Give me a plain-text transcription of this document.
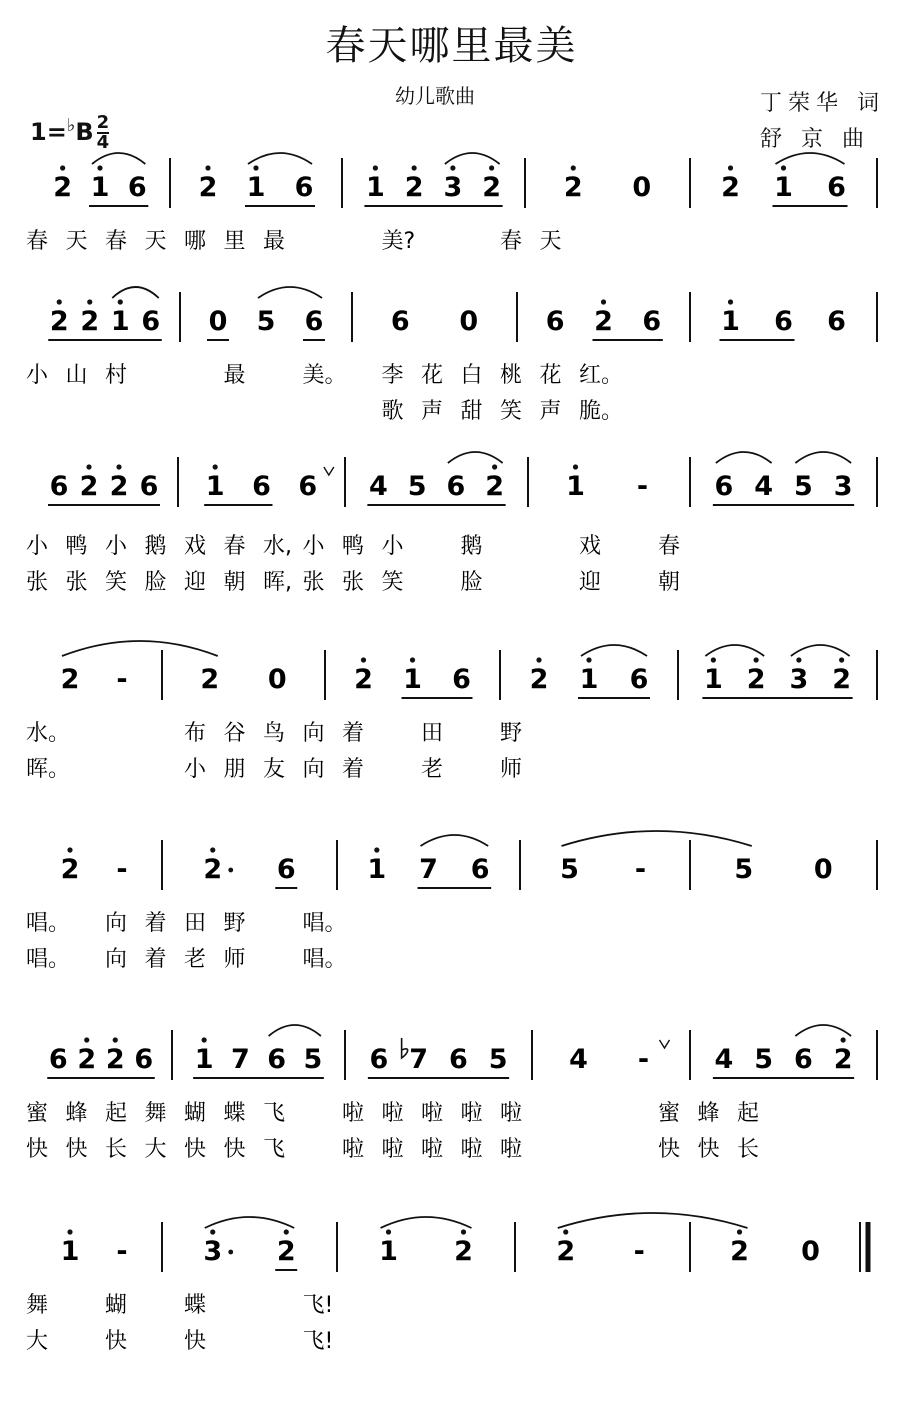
春天哪里最美
幼儿歌曲	丁荣华 词
舒 京 曲
$1=^♭B \frac{2}{4}$
2 1 6 2 1 6 1 2 3 2 2 0	2 1 6
春 天 春 天 哪 里 最	美?	春 天
2 2 1 6 0 5 6 6 0	6 2 6 1 6 6
小 山 村	最	美。 李 花 白 桃 花 红。
歌 声 甜 笑 声 脆。
6 2 2 6 1 6 6 4 5 6 2 1 - 6 4 5 3
小 鸭 小 鹅 戏 春 水, 小 鸭 小	鹅	戏	春
张 张 笑 脸 迎 朝 晖, 张 张 笑	脸	迎	朝
2 -	2 0 2 1 6 2 1 6 1 2 3 2
水。	布 谷 鸟 向 着	田	野
晖。	小 朋 友 向 着	老	师
2 -	2 6	1 7 6	5 -	5 0
唱。 向 着 田 野	唱。
唱。 向 着 老 师	唱。
6 2 2 6 1 7 6 5 6 7 6 5 4 - 4 5 6 2
蜜 蜂 起 舞 蝴 蝶 飞	啦 啦 啦 啦 啦	蜜 蜂 起
快 快 长 大 快 快 飞	啦 啦 啦 啦 啦	快 快 长
1 -	3 2	1 2	2 -	2 0
舞	蝴	蝶	飞!
大	快	快	飞!
